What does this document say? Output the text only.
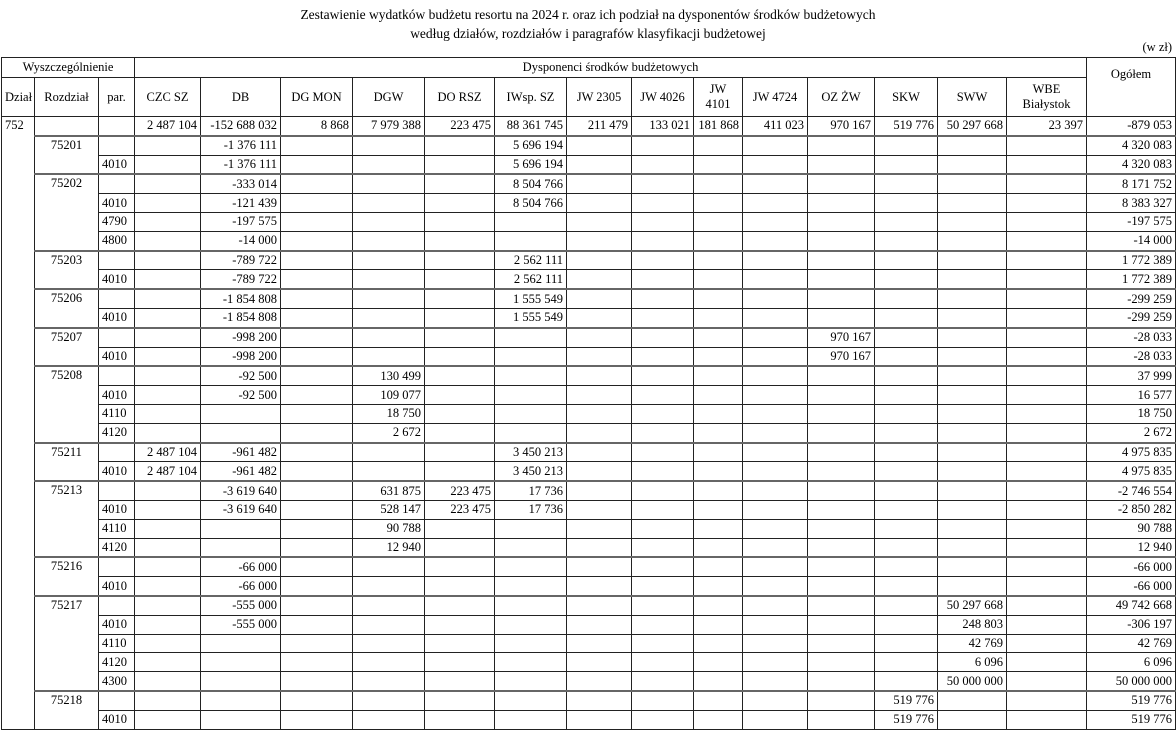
Zestawienie wydatków budżetu resortu na 2024 r. oraz ich podział na dysponentów środków budżetowych
według działów, rozdziałów i paragrafów klasyfikacji budżetowej
(w zł)
Wyszczególnienie			Dysponenci środków budżetowych														Ogółem
Dział	Rozdział	par.	CZC SZ	DB	DG MON	DGW	DO RSZ	IWsp. SZ	JW 2305	JW 4026	JW 4101	JW 4724	OZ ŻW	SKW	SWW	WBE Białystok	
752			2 487 104	-152 688 032	8 868	7 979 388	223 475	88 361 745	211 479	133 021	181 868	411 023	970 167	519 776	50 297 668	23 397	-879 053
	75201			-1 376 111				5 696 194									4 320 083
		4010		-1 376 111				5 696 194									4 320 083
	75202			-333 014				8 504 766									8 171 752
		4010		-121 439				8 504 766									8 383 327
		4790		-197 575													-197 575
		4800		-14 000													-14 000
	75203			-789 722				2 562 111									1 772 389
		4010		-789 722				2 562 111									1 772 389
	75206			-1 854 808				1 555 549									-299 259
		4010		-1 854 808				1 555 549									-299 259
	75207			-998 200									970 167				-28 033
		4010		-998 200									970 167				-28 033
	75208			-92 500		130 499											37 999
		4010		-92 500		109 077											16 577
		4110				18 750											18 750
		4120				2 672											2 672
	75211		2 487 104	-961 482				3 450 213									4 975 835
		4010	2 487 104	-961 482				3 450 213									4 975 835
	75213			-3 619 640		631 875	223 475	17 736									-2 746 554
		4010		-3 619 640		528 147	223 475	17 736									-2 850 282
		4110				90 788											90 788
		4120				12 940											12 940
	75216			-66 000													-66 000
		4010		-66 000													-66 000
	75217			-555 000											50 297 668		49 742 668
		4010		-555 000											248 803		-306 197
		4110													42 769		42 769
		4120													6 096		6 096
		4300													50 000 000		50 000 000
	75218													519 776			519 776
		4010												519 776			519 776
